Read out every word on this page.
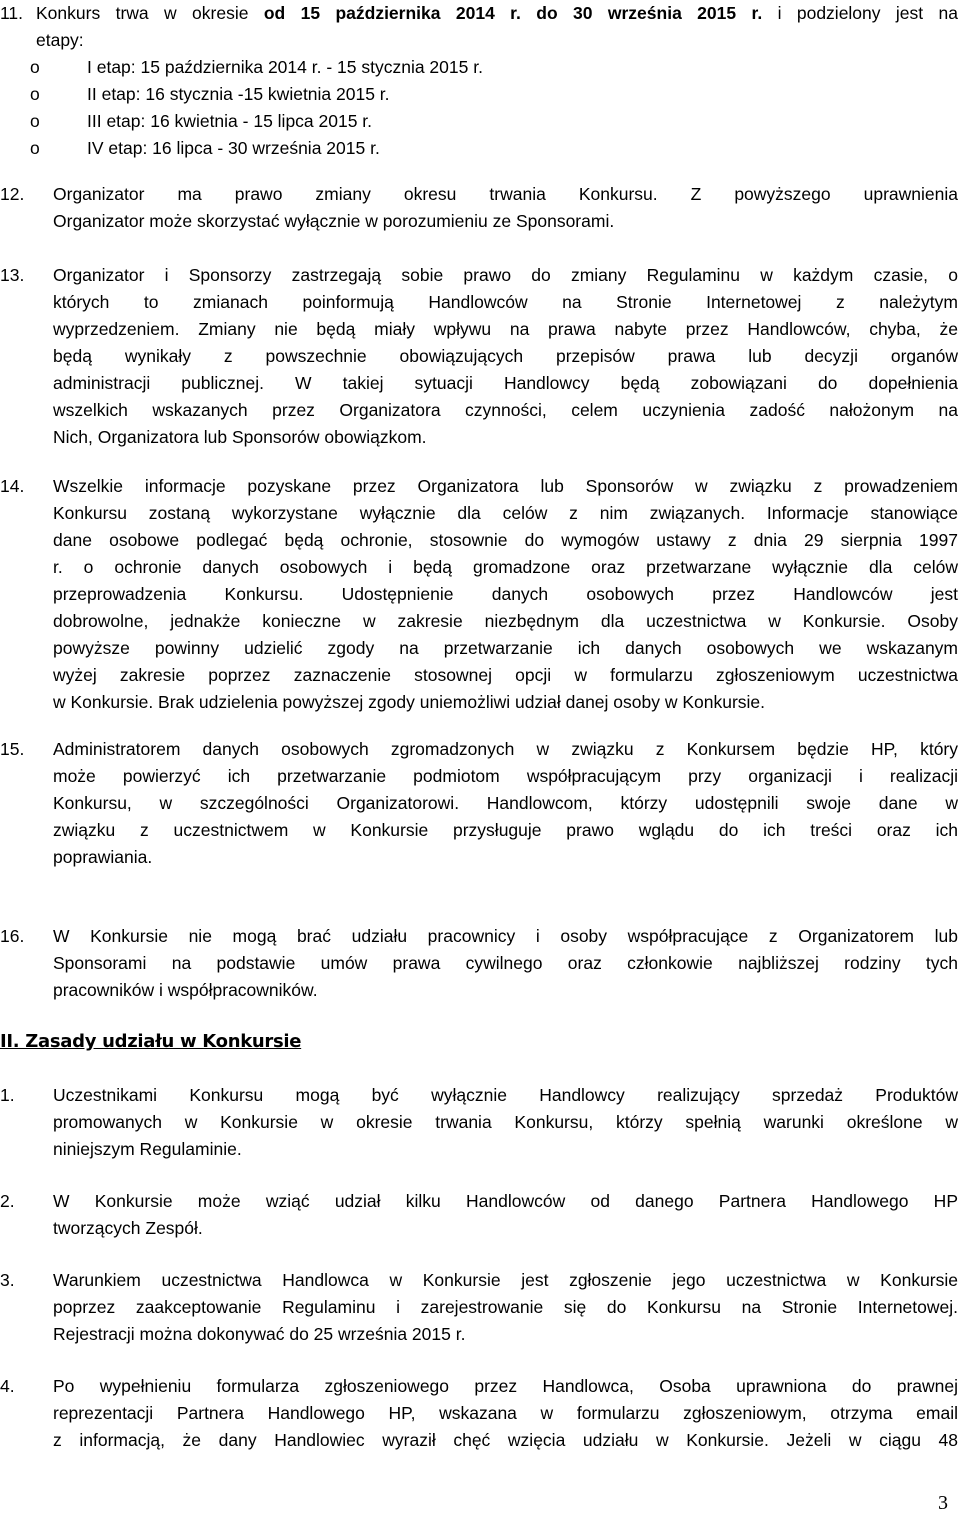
11. Konkurs trwa w okresie od 15 października 2014 r. do 30 września 2015 r. i podzielony jest na
etapy:
o	I etap: 15 października 2014 r. - 15 stycznia 2015 r.
o	II etap: 16 stycznia -15 kwietnia 2015 r.
o	III etap: 16 kwietnia - 15 lipca 2015 r.
o	IV etap: 16 lipca - 30 września 2015 r.
12. Organizator ma prawo zmiany okresu trwania Konkursu. Z powyższego uprawnienia
Organizator może skorzystać wyłącznie w porozumieniu ze Sponsorami.
13. Organizator i Sponsorzy zastrzegają sobie prawo do zmiany Regulaminu w każdym czasie, o
których to zmianach poinformują Handlowców na Stronie Internetowej z należytym
wyprzedzeniem. Zmiany nie będą miały wpływu na prawa nabyte przez Handlowców, chyba, że
będą wynikały z powszechnie obowiązujących przepisów prawa lub decyzji organów
administracji publicznej. W takiej sytuacji Handlowcy będą zobowiązani do dopełnienia
wszelkich wskazanych przez Organizatora czynności, celem uczynienia zadość nałożonym na
Nich, Organizatora lub Sponsorów obowiązkom.
14. Wszelkie informacje pozyskane przez Organizatora lub Sponsorów w związku z prowadzeniem
Konkursu zostaną wykorzystane wyłącznie dla celów z nim związanych. Informacje stanowiące
dane osobowe podlegać będą ochronie, stosownie do wymogów ustawy z dnia 29 sierpnia 1997
r. o ochronie danych osobowych i będą gromadzone oraz przetwarzane wyłącznie dla celów
przeprowadzenia Konkursu. Udostępnienie danych osobowych przez Handlowców jest
dobrowolne, jednakże konieczne w zakresie niezbędnym dla uczestnictwa w Konkursie. Osoby
powyższe powinny udzielić zgody na przetwarzanie ich danych osobowych we wskazanym
wyżej zakresie poprzez zaznaczenie stosownej opcji w formularzu zgłoszeniowym uczestnictwa
w Konkursie. Brak udzielenia powyższej zgody uniemożliwi udział danej osoby w Konkursie.
15. Administratorem danych osobowych zgromadzonych w związku z Konkursem będzie HP, który
może powierzyć ich przetwarzanie podmiotom współpracującym przy organizacji i realizacji
Konkursu, w szczególności Organizatorowi. Handlowcom, którzy udostępnili swoje dane w
związku z uczestnictwem w Konkursie przysługuje prawo wglądu do ich treści oraz ich
poprawiania.
16. W Konkursie nie mogą brać udziału pracownicy i osoby współpracujące z Organizatorem lub
Sponsorami na podstawie umów prawa cywilnego oraz członkowie najbliższej rodziny tych
pracowników i współpracowników.
II. Zasady udziału w Konkursie
1. Uczestnikami Konkursu mogą być wyłącznie Handlowcy realizujący sprzedaż Produktów
promowanych w Konkursie w okresie trwania Konkursu, którzy spełnią warunki określone w
niniejszym Regulaminie.
2. W Konkursie może wziąć udział kilku Handlowców od danego Partnera Handlowego HP
tworzących Zespół.
3. Warunkiem uczestnictwa Handlowca w Konkursie jest zgłoszenie jego uczestnictwa w Konkursie
poprzez zaakceptowanie Regulaminu i zarejestrowanie się do Konkursu na Stronie Internetowej.
Rejestracji można dokonywać do 25 września 2015 r.
4. Po wypełnieniu formularza zgłoszeniowego przez Handlowca, Osoba uprawniona do prawnej
reprezentacji Partnera Handlowego HP, wskazana w formularzu zgłoszeniowym, otrzyma email
z informacją, że dany Handlowiec wyraził chęć wzięcia udziału w Konkursie. Jeżeli w ciągu 48
3
